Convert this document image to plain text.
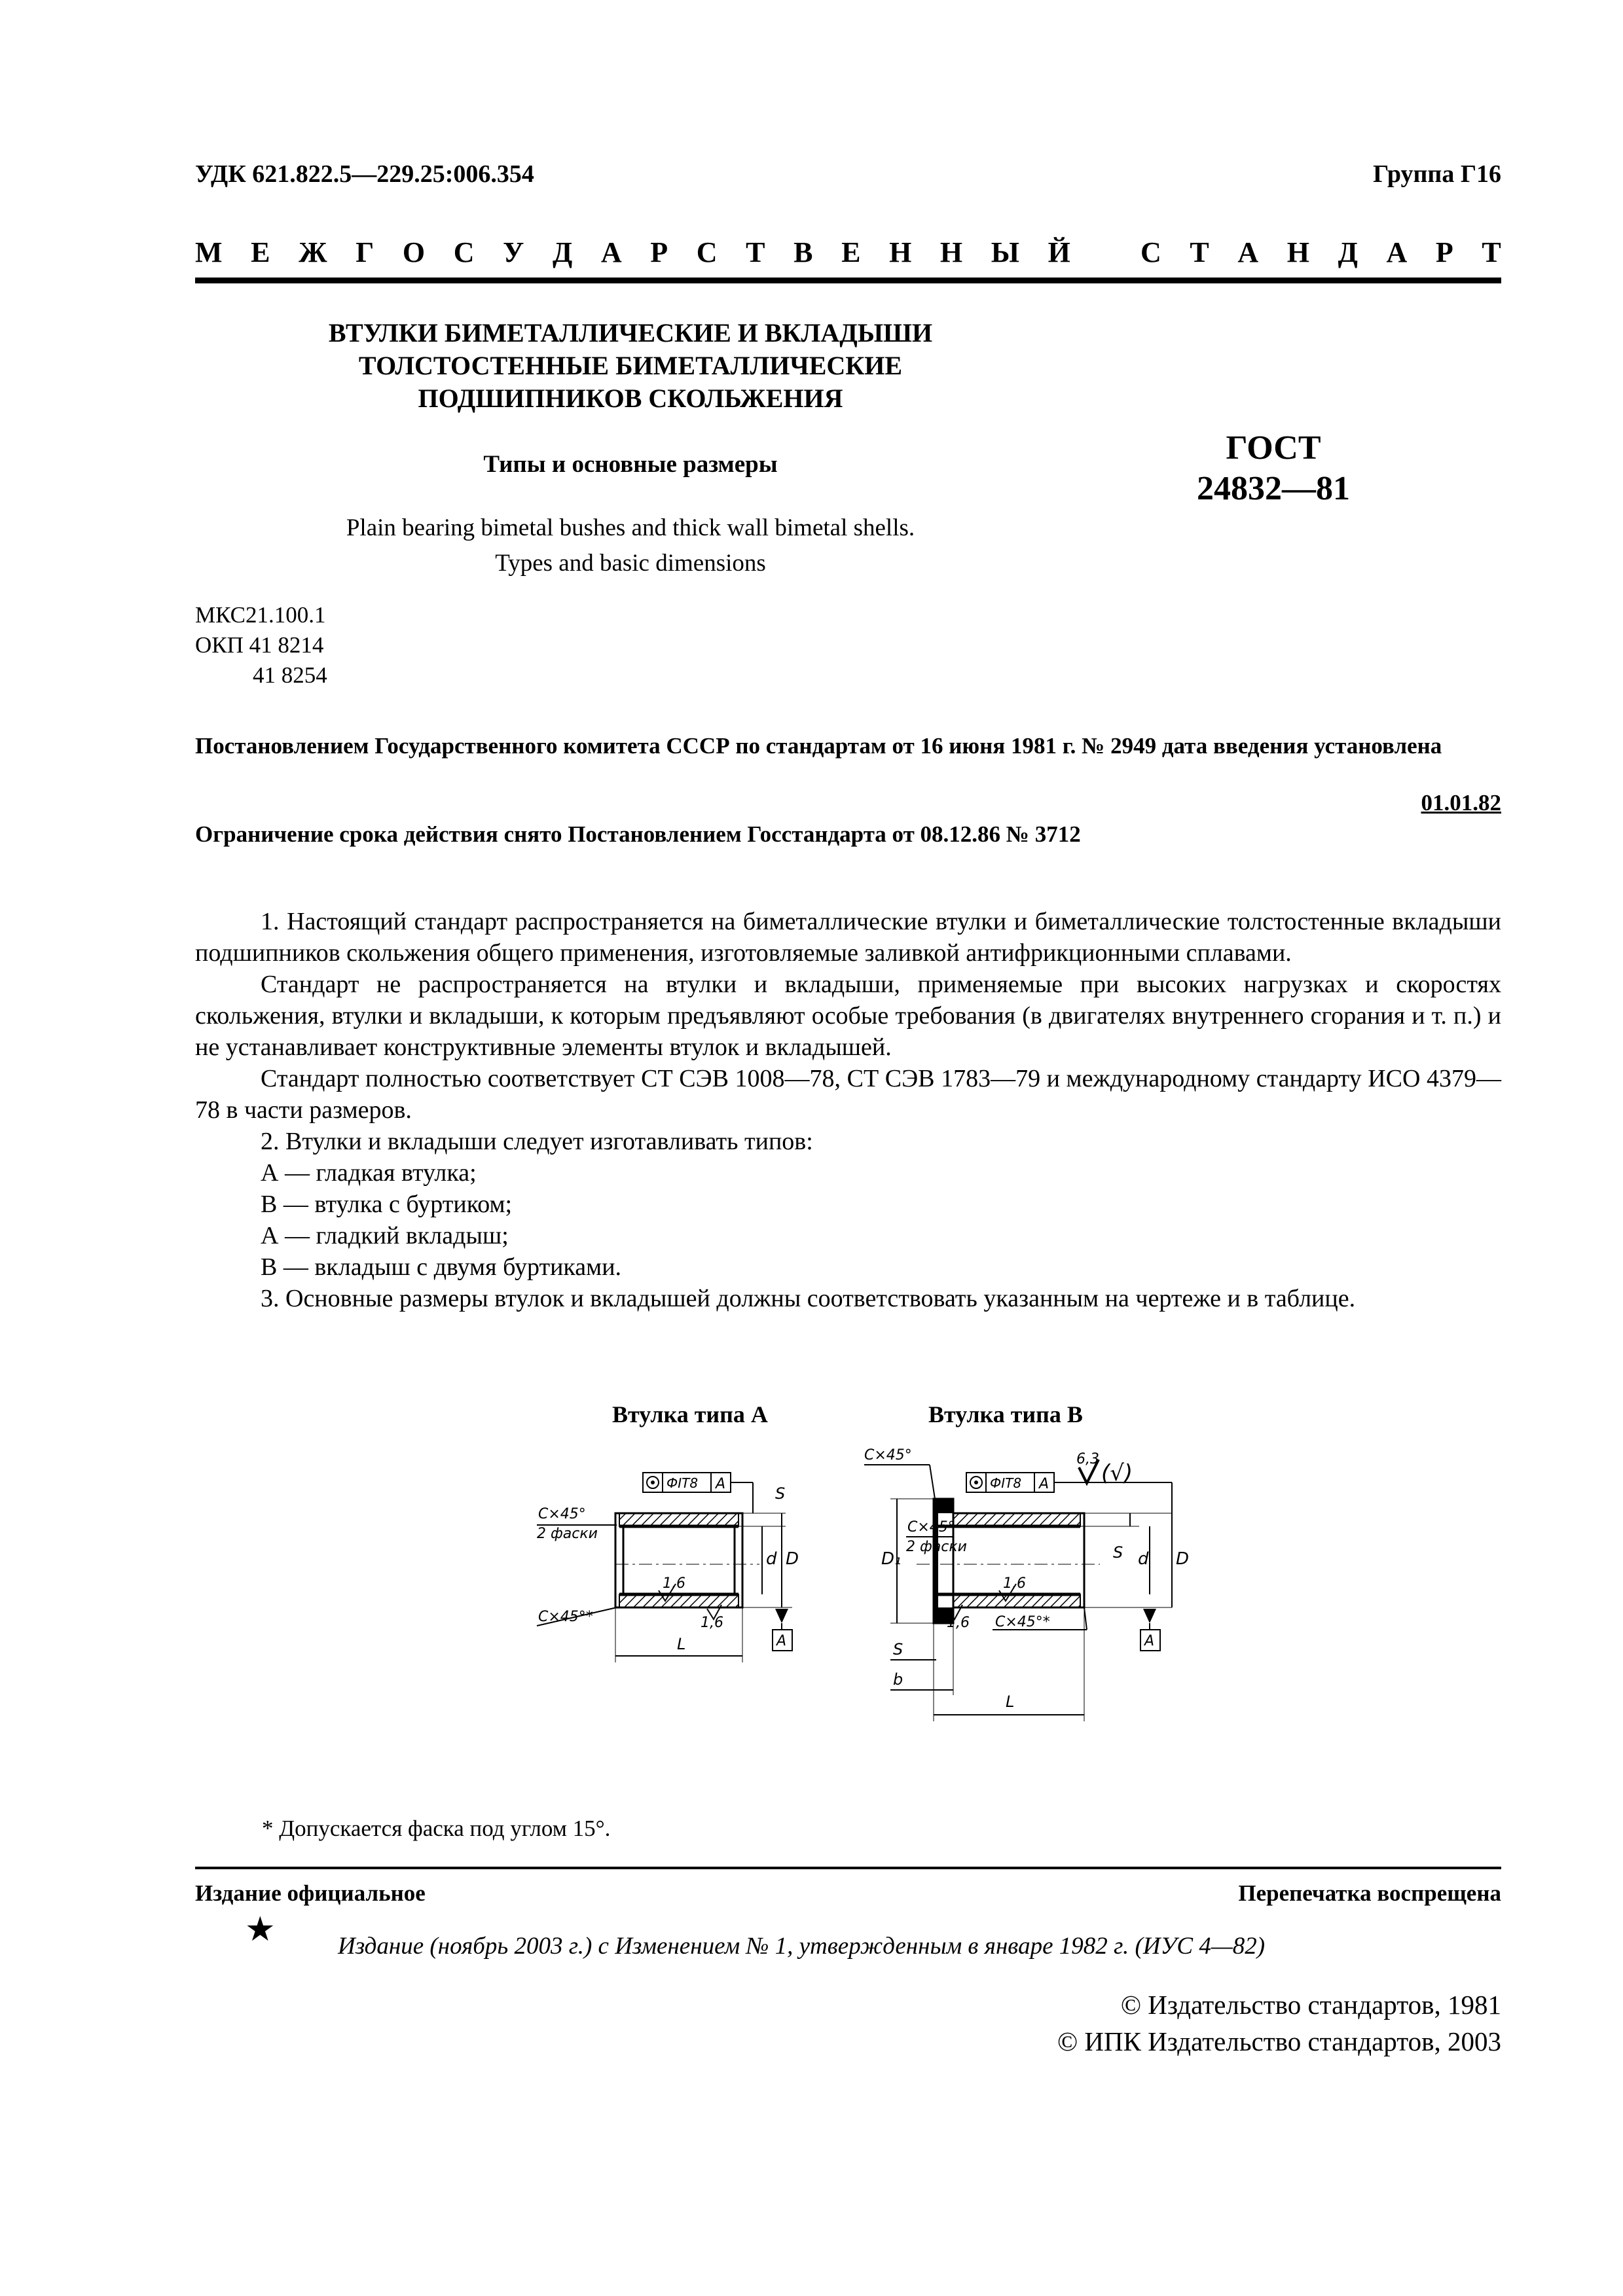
УДК 621.822.5—229.25:006.354	Группа Г16
М Е Ж Г О С У Д А Р С Т В Е Н Н Ы Й С Т А Н Д А Р Т
ВТУЛКИ БИМЕТАЛЛИЧЕСКИЕ И ВКЛАДЫШИ
ТОЛСТОСТЕННЫЕ БИМЕТАЛЛИЧЕСКИЕ
ПОДШИПНИКОВ СКОЛЬЖЕНИЯ
Типы и основные размеры
Plain bearing bimetal bushes and thick wall bimetal shells.
Types and basic dimensions
ГОСТ
24832—81
МКС21.100.1
ОКП 41 8214
41 8254
Постановлением Государственного комитета СССР по стандартам от 16 июня 1981 г. № 2949 дата введения установлена
01.01.82
Ограничение срока действия снято Постановлением Госстандарта от 08.12.86 № 3712

1. Настоящий стандарт распространяется на биметаллические втулки и биметаллические толстостенные вкладыши подшипников скольжения общего применения, изготовляемые заливкой антифрикционными сплавами.

Стандарт не распространяется на втулки и вкладыши, применяемые при высоких нагрузках и скоростях скольжения, втулки и вкладыши, к которым предъявляют особые требования (в двигателях внутреннего сгорания и т. п.) и не устанавливает конструктивные элементы втулок и вкладышей.

Стандарт полностью соответствует СТ СЭВ 1008—78, СТ СЭВ 1783—79 и международному стандарту ИСО 4379—78 в части размеров.

2. Втулки и вкладыши следует изготавливать типов:

А — гладкая втулка;

В — втулка с буртиком;

А — гладкий вкладыш;

В — вкладыш с двумя буртиками.

3. Основные размеры втулок и вкладышей должны соответствовать указанным на чертеже и в таблице.

Втулка типа А	Втулка типа В
6,3
(√)
ФIT8 A
C×45°
2 фаски
C×45°*
1,6
1,6
S
d D
A
L
C×45°
ФIT8 A
D₁
C×45°
2 фаски
C×45°*
1,6
1,6
S d D
A
S
b
L
* Допускается фаска под углом 15°.
Издание официальное	Перепечатка воспрещена
★	Издание (ноябрь 2003 г.) с Изменением № 1, утвержденным в январе 1982 г. (ИУС 4—82)
© Издательство стандартов, 1981
© ИПК Издательство стандартов, 2003
